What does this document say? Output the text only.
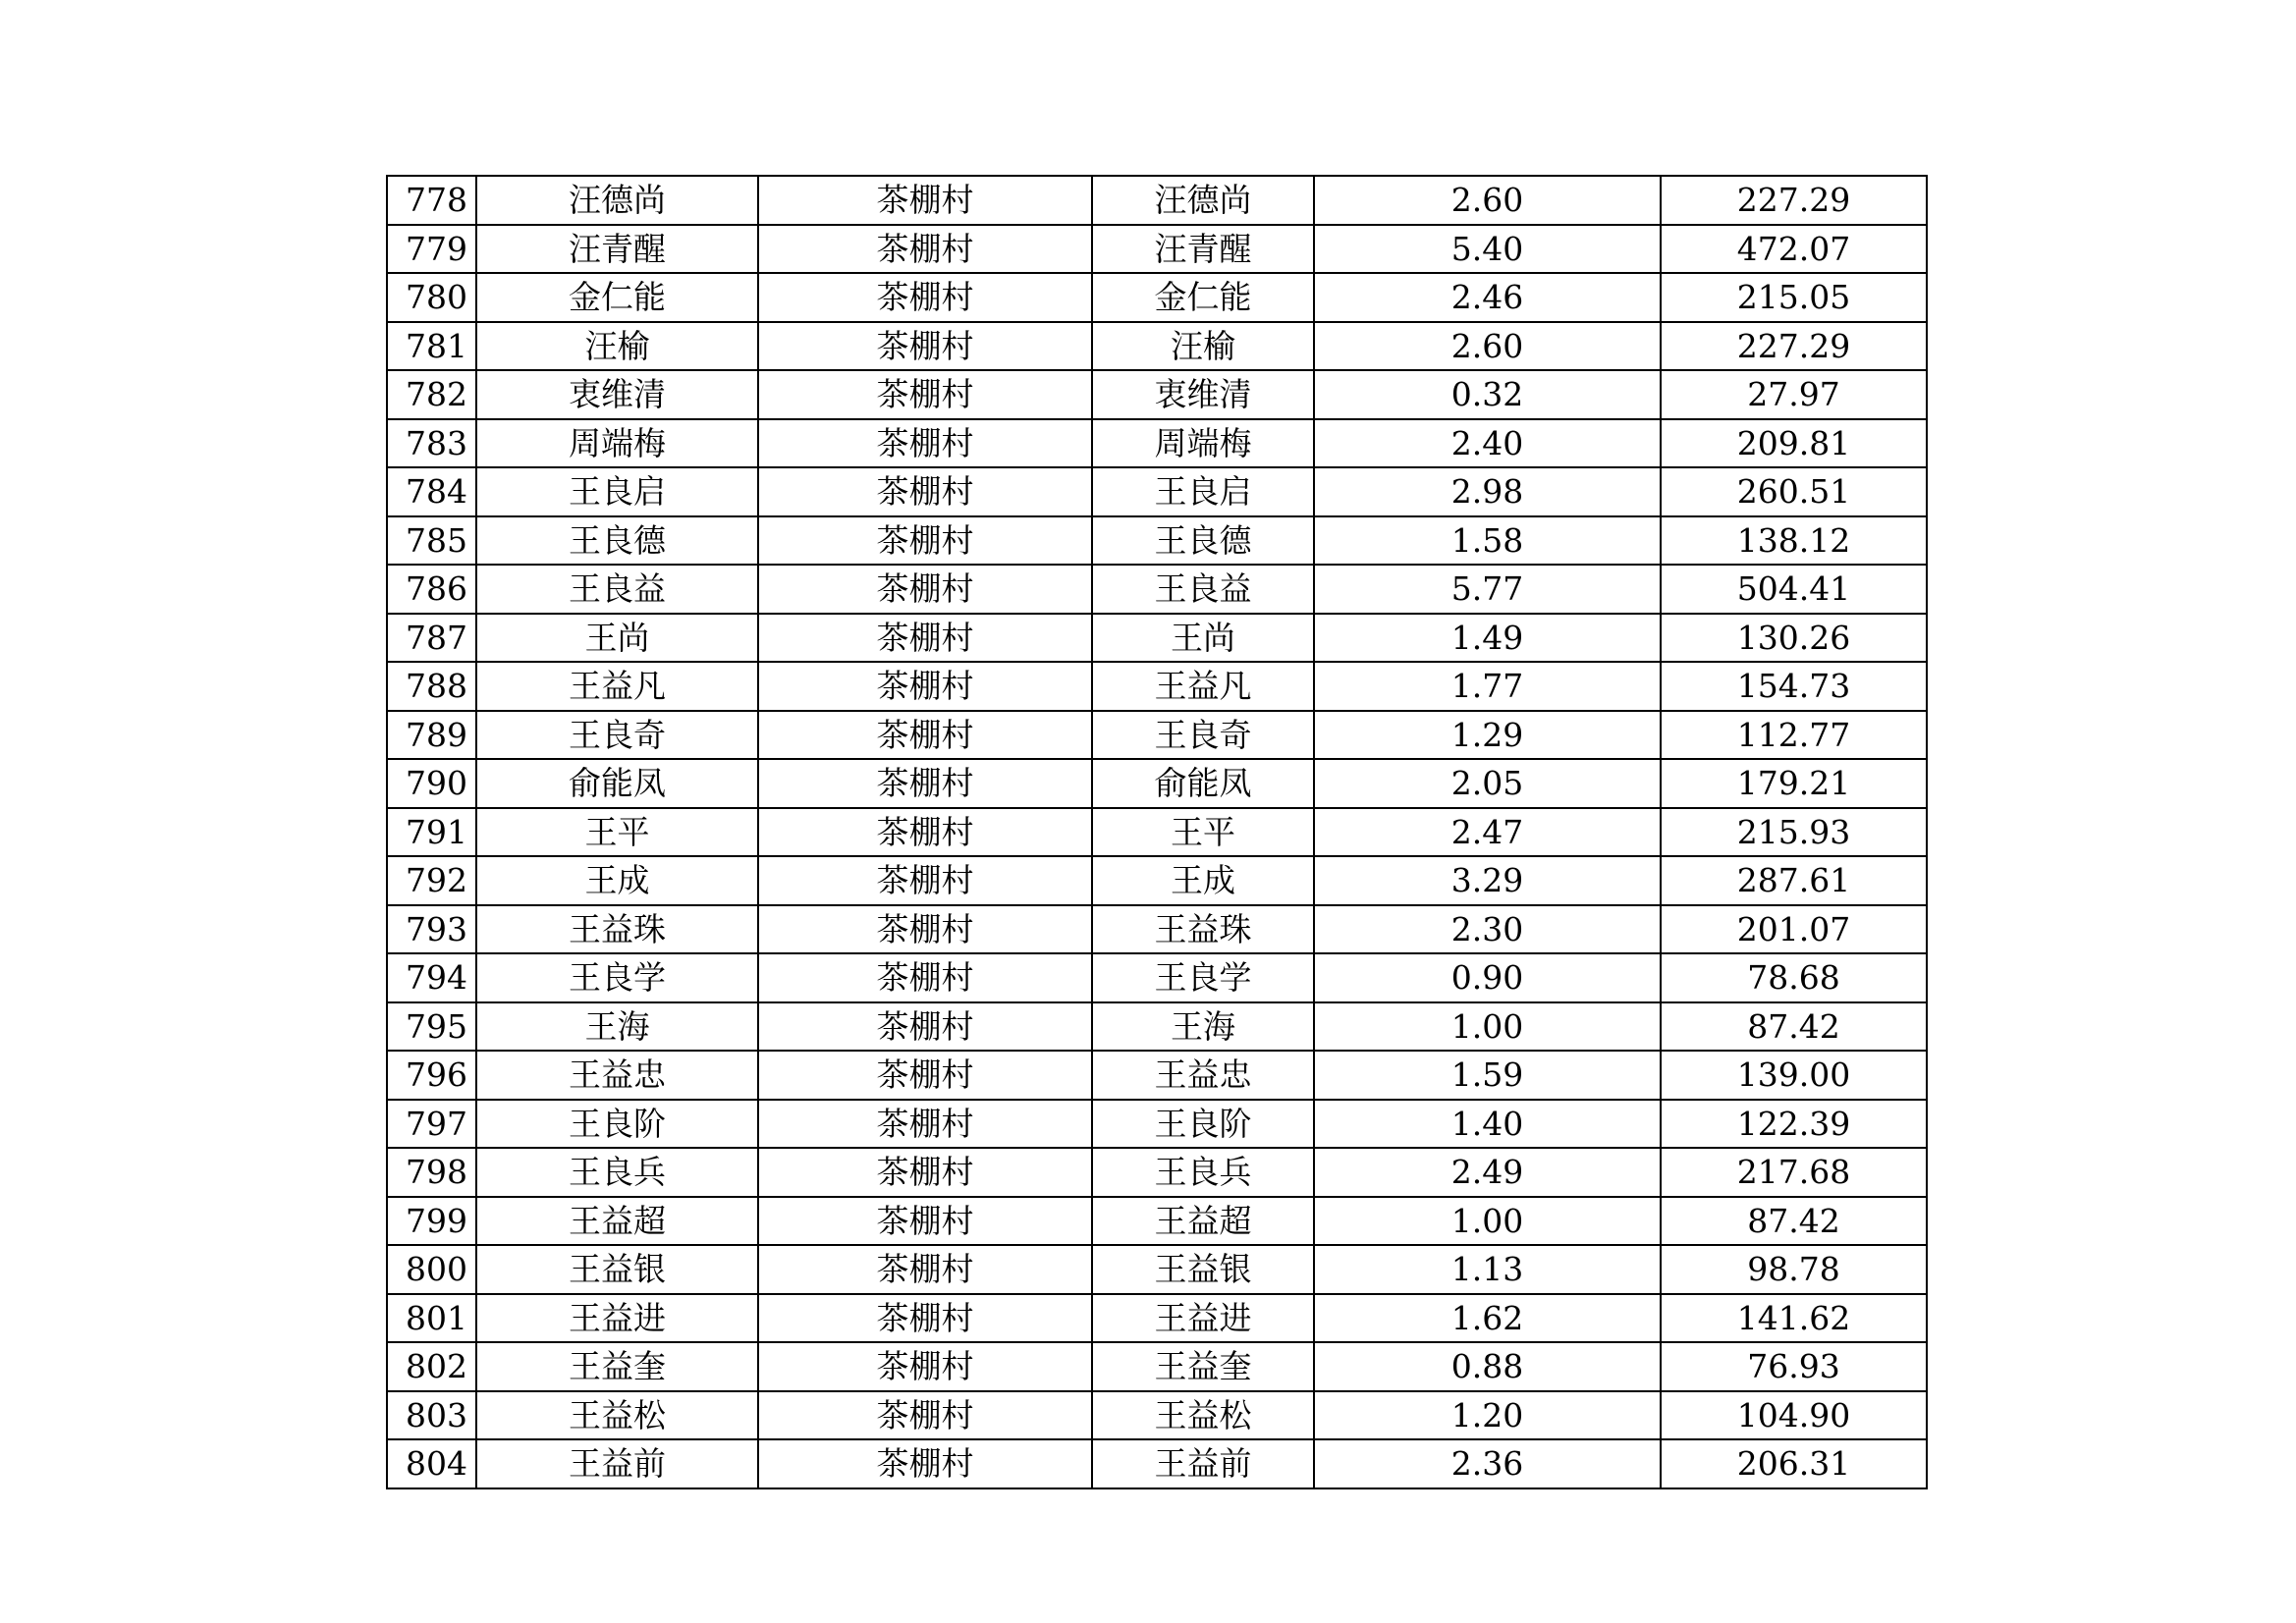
778	汪德尚	茶棚村	汪德尚	2.60	227.29
779	汪青醒	茶棚村	汪青醒	5.40	472.07
780	金仁能	茶棚村	金仁能	2.46	215.05
781	汪榆	茶棚村	汪榆	2.60	227.29
782	衷维清	茶棚村	衷维清	0.32	27.97
783	周端梅	茶棚村	周端梅	2.40	209.81
784	王良启	茶棚村	王良启	2.98	260.51
785	王良德	茶棚村	王良德	1.58	138.12
786	王良益	茶棚村	王良益	5.77	504.41
787	王尚	茶棚村	王尚	1.49	130.26
788	王益凡	茶棚村	王益凡	1.77	154.73
789	王良奇	茶棚村	王良奇	1.29	112.77
790	俞能凤	茶棚村	俞能凤	2.05	179.21
791	王平	茶棚村	王平	2.47	215.93
792	王成	茶棚村	王成	3.29	287.61
793	王益珠	茶棚村	王益珠	2.30	201.07
794	王良学	茶棚村	王良学	0.90	78.68
795	王海	茶棚村	王海	1.00	87.42
796	王益忠	茶棚村	王益忠	1.59	139.00
797	王良阶	茶棚村	王良阶	1.40	122.39
798	王良兵	茶棚村	王良兵	2.49	217.68
799	王益超	茶棚村	王益超	1.00	87.42
800	王益银	茶棚村	王益银	1.13	98.78
801	王益进	茶棚村	王益进	1.62	141.62
802	王益奎	茶棚村	王益奎	0.88	76.93
803	王益松	茶棚村	王益松	1.20	104.90
804	王益前	茶棚村	王益前	2.36	206.31
